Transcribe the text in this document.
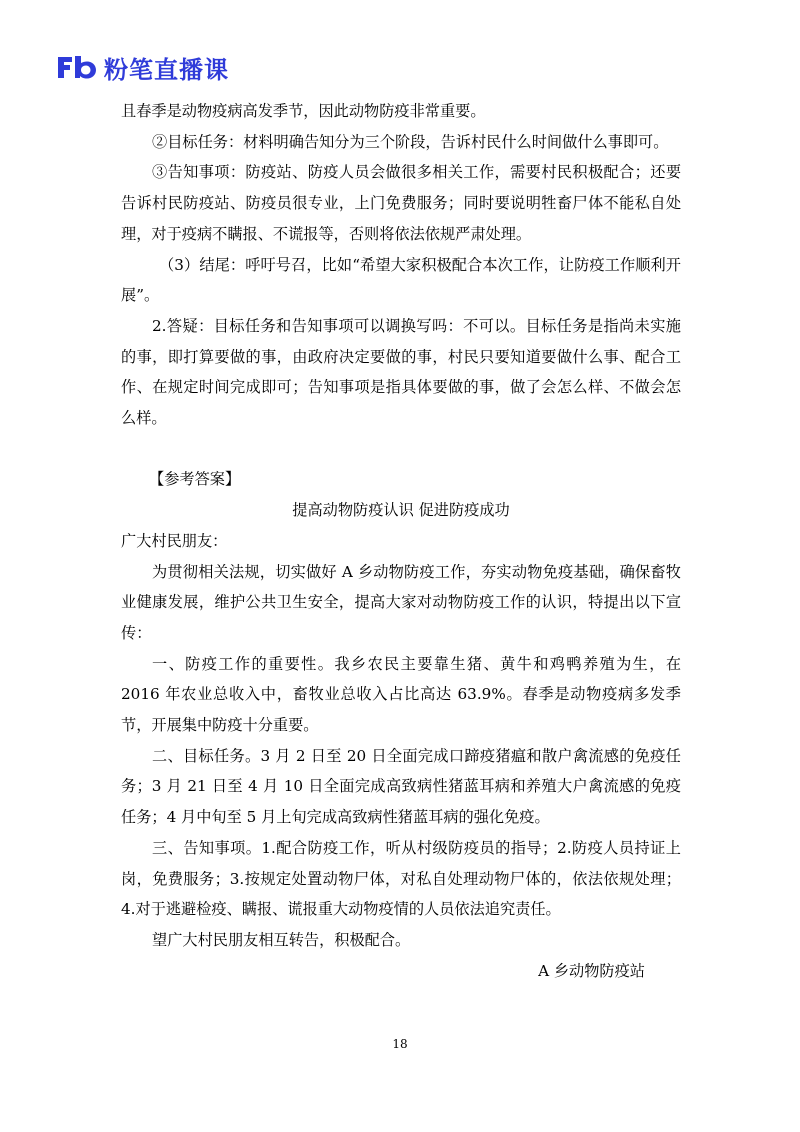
粉笔直播课

且春季是动物疫病高发季节，因此动物防疫非常重要。

②目标任务：材料明确告知分为三个阶段，告诉村民什么时间做什么事即可。

③告知事项：防疫站、防疫人员会做很多相关工作，需要村民积极配合；还要告诉村民防疫站、防疫员很专业，上门免费服务；同时要说明牲畜尸体不能私自处理，对于疫病不瞒报、不谎报等，否则将依法依规严肃处理。

（3）结尾：呼吁号召，比如“希望大家积极配合本次工作，让防疫工作顺利开展”。

2.答疑：目标任务和告知事项可以调换写吗：不可以。目标任务是指尚未实施的事，即打算要做的事，由政府决定要做的事，村民只要知道要做什么事、配合工作、在规定时间完成即可；告知事项是指具体要做的事，做了会怎么样、不做会怎么样。

【参考答案】

提高动物防疫认识 促进防疫成功

广大村民朋友：

为贯彻相关法规，切实做好 A 乡动物防疫工作，夯实动物免疫基础，确保畜牧业健康发展，维护公共卫生安全，提高大家对动物防疫工作的认识，特提出以下宣传：

一、防疫工作的重要性。我乡农民主要靠生猪、黄牛和鸡鸭养殖为生，在 2016 年农业总收入中，畜牧业总收入占比高达 63.9%。春季是动物疫病多发季节，开展集中防疫十分重要。

二、目标任务。3 月 2 日至 20 日全面完成口蹄疫猪瘟和散户禽流感的免疫任务；3 月 21 日至 4 月 10 日全面完成高致病性猪蓝耳病和养殖大户禽流感的免疫任务；4 月中旬至 5 月上旬完成高致病性猪蓝耳病的强化免疫。

三、告知事项。1.配合防疫工作，听从村级防疫员的指导；2.防疫人员持证上岗，免费服务；3.按规定处置动物尸体，对私自处理动物尸体的，依法依规处理；4.对于逃避检疫、瞒报、谎报重大动物疫情的人员依法追究责任。

望广大村民朋友相互转告，积极配合。

A 乡动物防疫站

18
